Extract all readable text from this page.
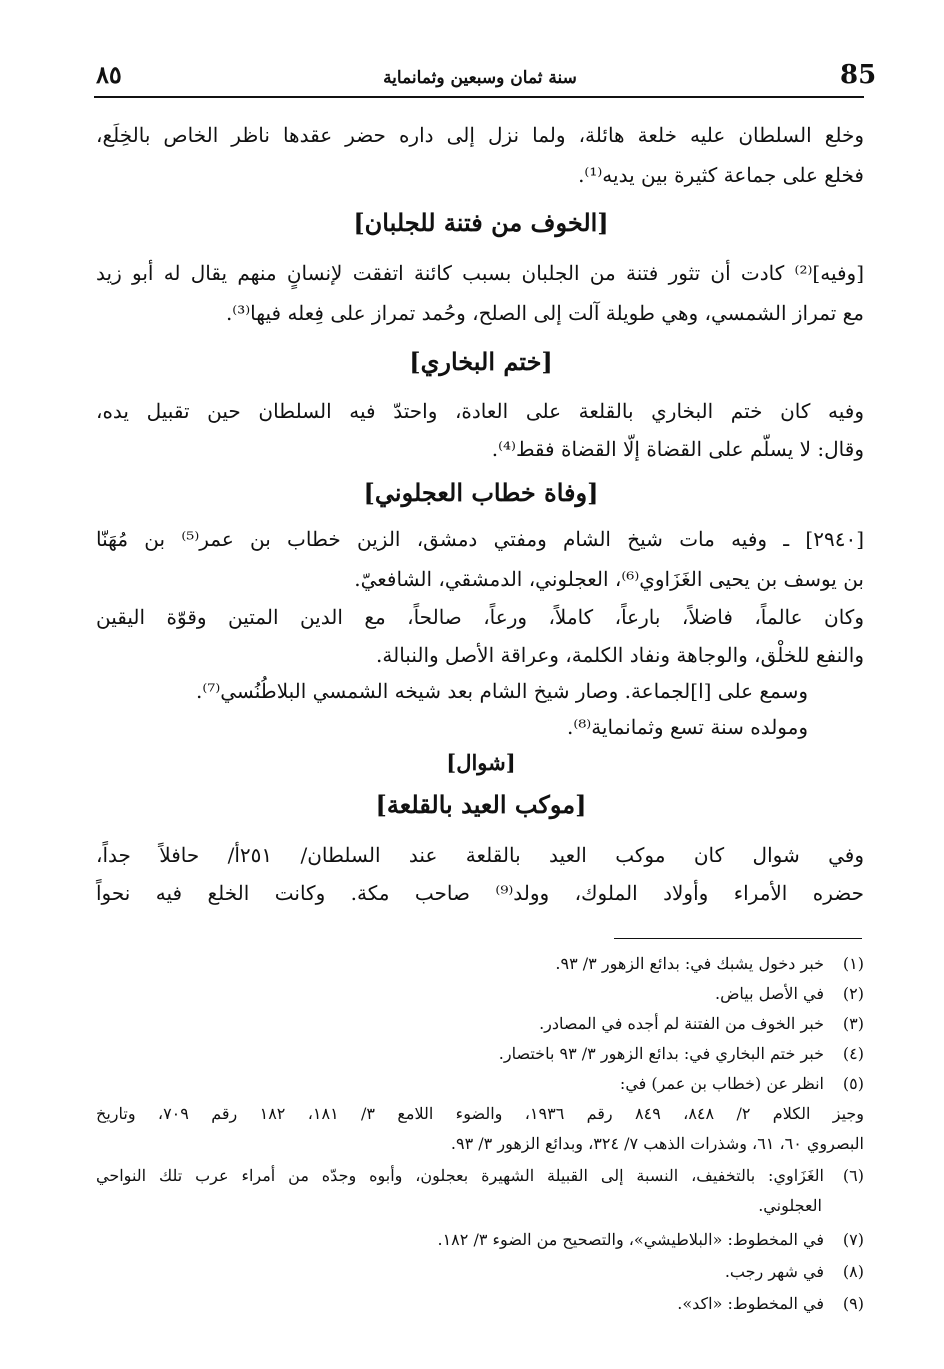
85
سنة ثمان وسبعين وثمانماية
٨٥
وخلع السلطان عليه خلعة هائلة، ولما نزل إلى داره حضر عقدها ناظر الخاص بالخِلَع،
فخلع على جماعة كثيرة بين يديه⁽¹⁾.
[الخوف من فتنة للجلبان]
[وفيه]⁽²⁾ كادت أن تثور فتنة من الجلبان بسبب كائنة اتفقت لإنسانٍ منهم يقال له أبو زيد
مع تمراز الشمسي، وهي طويلة آلت إلى الصلح، وحُمد تمراز على فِعله فيها⁽³⁾.
[ختم البخاري]
وفيه كان ختم البخاري بالقلعة على العادة، واحتدّ فيه السلطان حين تقبيل يده،
وقال: لا يسلّم على القضاة إلّا القضاة فقط⁽⁴⁾.
[وفاة خطاب العجلوني]
[٢٩٤٠] ـ وفيه مات شيخ الشام ومفتي دمشق، الزين خطاب بن عمر⁽⁵⁾ بن مُهَنّا
بن يوسف بن يحيى الغَزَاوي⁽⁶⁾، العجلوني، الدمشقي، الشافعيّ.
وكان عالماً، فاضلاً، بارعاً، كاملاً، ورعاً، صالحاً، مع الدين المتين وقوّة اليقين
والنفع للخلْق، والوجاهة ونفاد الكلمة، وعراقة الأصل والنبالة.
وسمع على [ا]لجماعة. وصار شيخ الشام بعد شيخه الشمسي البلاطُنُسي⁽⁷⁾.
ومولده سنة تسع وثمانماية⁽⁸⁾.
[شوال]
[موكب العيد بالقلعة]
وفي شوال كان موكب العيد بالقلعة عند السلطان/ ٢٥١أ/ حافلاً جداً،
حضره الأمراء وأولاد الملوك، وولد⁽⁹⁾ صاحب مكة. وكانت الخلع فيه نحواً
(١)خبر دخول يشبك في: بدائع الزهور ٣/ ٩٣.
(٢)في الأصل بياض.
(٣)خبر الخوف من الفتنة لم أجده في المصادر.
(٤)خبر ختم البخاري في: بدائع الزهور ٣/ ٩٣ باختصار.
(٥)انظر عن (خطاب بن عمر) في:
وجيز الكلام ٢/ ٨٤٨، ٨٤٩ رقم ١٩٣٦، والضوء اللامع ٣/ ١٨١، ١٨٢ رقم ٧٠٩، وتاريخ
البصروي ٦٠، ٦١، وشذرات الذهب ٧/ ٣٢٤، وبدائع الزهور ٣/ ٩٣.
(٦)الغَزَاوي: بالتخفيف، النسبة إلى القبيلة الشهيرة بعجلون، وأبوه وجدّه من أمراء عرب تلك النواحي
العجلوني.
(٧)في المخطوط: «البلاطيشي»، والتصحيح من الضوء ٣/ ١٨٢.
(٨)في شهر رجب.
(٩)في المخطوط: «اكد».
